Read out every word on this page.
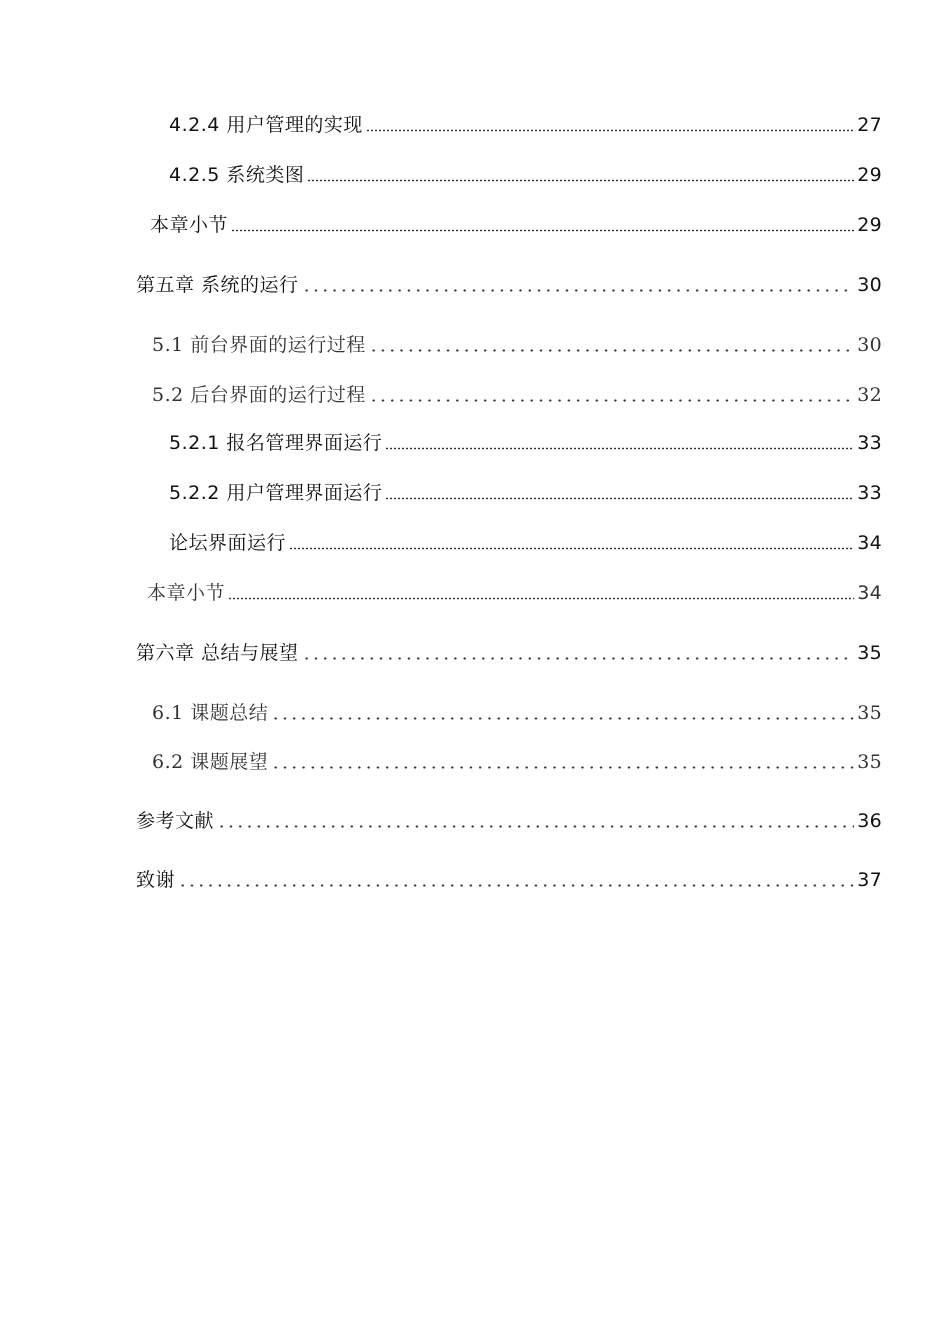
4.2.4 用户管理的实现	27
4.2.5 系统类图	29
本章小节	29
第五章 系统的运行	30
5.1 前台界面的运行过程	30
5.2 后台界面的运行过程	32
5.2.1 报名管理界面运行	33
5.2.2 用户管理界面运行	33
论坛界面运行	34
本章小节	34
第六章 总结与展望	35
6.1 课题总结	35
6.2 课题展望	35
参考文献	36
致谢	37
